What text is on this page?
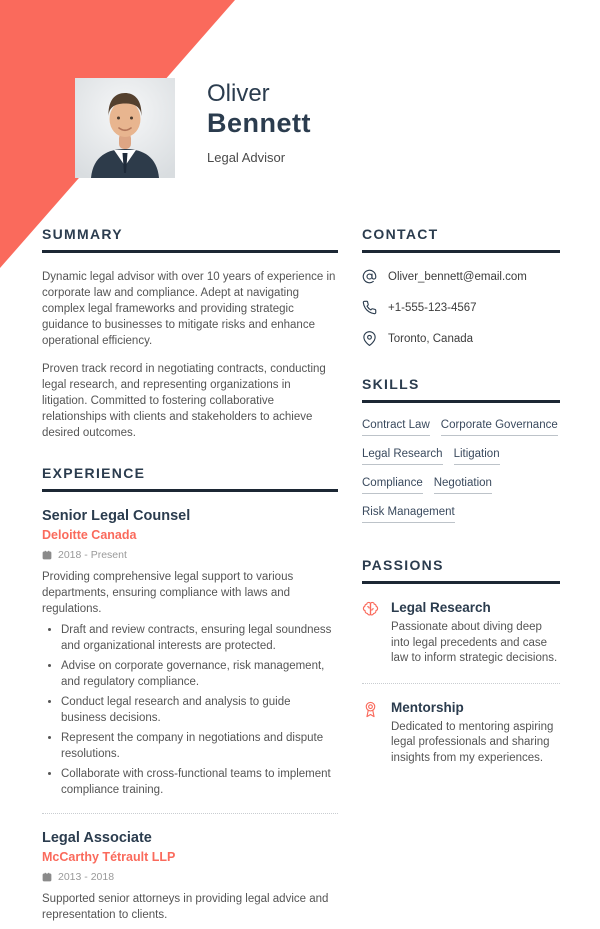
Oliver
Bennett
Legal Advisor
SUMMARY

Dynamic legal advisor with over 10 years of experience in corporate law and compliance. Adept at navigating complex legal frameworks and providing strategic guidance to businesses to mitigate risks and enhance operational efficiency.

Proven track record in negotiating contracts, conducting legal research, and representing organizations in litigation. Committed to fostering collaborative relationships with clients and stakeholders to achieve desired outcomes.

EXPERIENCE
Senior Legal Counsel
Deloitte Canada
2018 - Present

Providing comprehensive legal support to various departments, ensuring compliance with laws and regulations.

• Draft and review contracts, ensuring legal soundness and organizational interests are protected.
• Advise on corporate governance, risk management, and regulatory compliance.
• Conduct legal research and analysis to guide business decisions.
• Represent the company in negotiations and dispute resolutions.
• Collaborate with cross-functional teams to implement compliance training.
Legal Associate
McCarthy Tétrault LLP
2013 - 2018

Supported senior attorneys in providing legal advice and representation to clients.

CONTACT
Oliver_bennett@email.com
+1-555-123-4567
Toronto, Canada
SKILLS
Contract Law Corporate Governance
Legal Research Litigation
Compliance Negotiation
Risk Management
PASSIONS
Legal Research
Passionate about diving deep into legal precedents and case law to inform strategic decisions.
Mentorship
Dedicated to mentoring aspiring legal professionals and sharing insights from my experiences.
